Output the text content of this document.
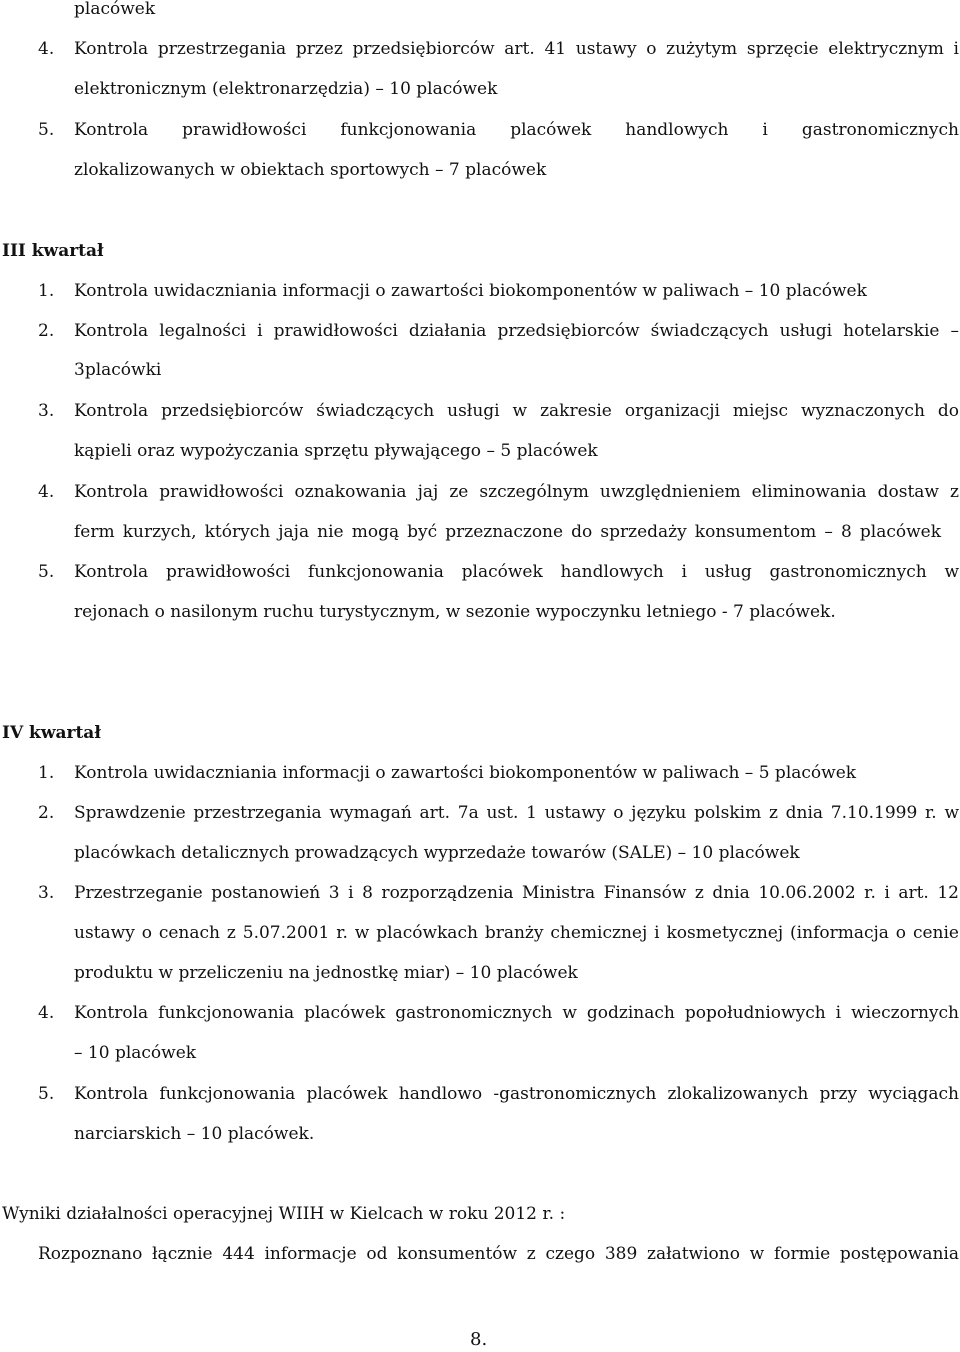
placówek
4. Kontrola przestrzegania przez przedsiębiorców art. 41 ustawy o zużytym sprzęcie elektrycznym i
elektronicznym (elektronarzędzia) – 10 placówek
5. Kontrola prawidłowości funkcjonowania placówek handlowych i gastronomicznych
zlokalizowanych w obiektach sportowych – 7 placówek
III kwartał
1. Kontrola uwidaczniania informacji o zawartości biokomponentów w paliwach – 10 placówek
2. Kontrola legalności i prawidłowości działania przedsiębiorców świadczących usługi hotelarskie –
3placówki
3. Kontrola przedsiębiorców świadczących usługi w zakresie organizacji miejsc wyznaczonych do
kąpieli oraz wypożyczania sprzętu pływającego – 5 placówek
4. Kontrola prawidłowości oznakowania jaj ze szczególnym uwzględnieniem eliminowania dostaw z
ferm kurzych, których jaja nie mogą być przeznaczone do sprzedaży konsumentom – 8 placówek
5. Kontrola prawidłowości funkcjonowania placówek handlowych i usług gastronomicznych w
rejonach o nasilonym ruchu turystycznym, w sezonie wypoczynku letniego - 7 placówek.
IV kwartał
1. Kontrola uwidaczniania informacji o zawartości biokomponentów w paliwach – 5 placówek
2. Sprawdzenie przestrzegania wymagań art. 7a ust. 1 ustawy o języku polskim z dnia 7.10.1999 r. w
placówkach detalicznych prowadzących wyprzedaże towarów (SALE) – 10 placówek
3. Przestrzeganie postanowień 3 i 8 rozporządzenia Ministra Finansów z dnia 10.06.2002 r. i art. 12
ustawy o cenach z 5.07.2001 r. w placówkach branży chemicznej i kosmetycznej (informacja o cenie
produktu w przeliczeniu na jednostkę miar) – 10 placówek
4. Kontrola funkcjonowania placówek gastronomicznych w godzinach popołudniowych i wieczornych
– 10 placówek
5. Kontrola funkcjonowania placówek handlowo -gastronomicznych zlokalizowanych przy wyciągach
narciarskich – 10 placówek.
Wyniki działalności operacyjnej WIIH w Kielcach w roku 2012 r. :
Rozpoznano łącznie 444 informacje od konsumentów z czego 389 załatwiono w formie postępowania
8.
